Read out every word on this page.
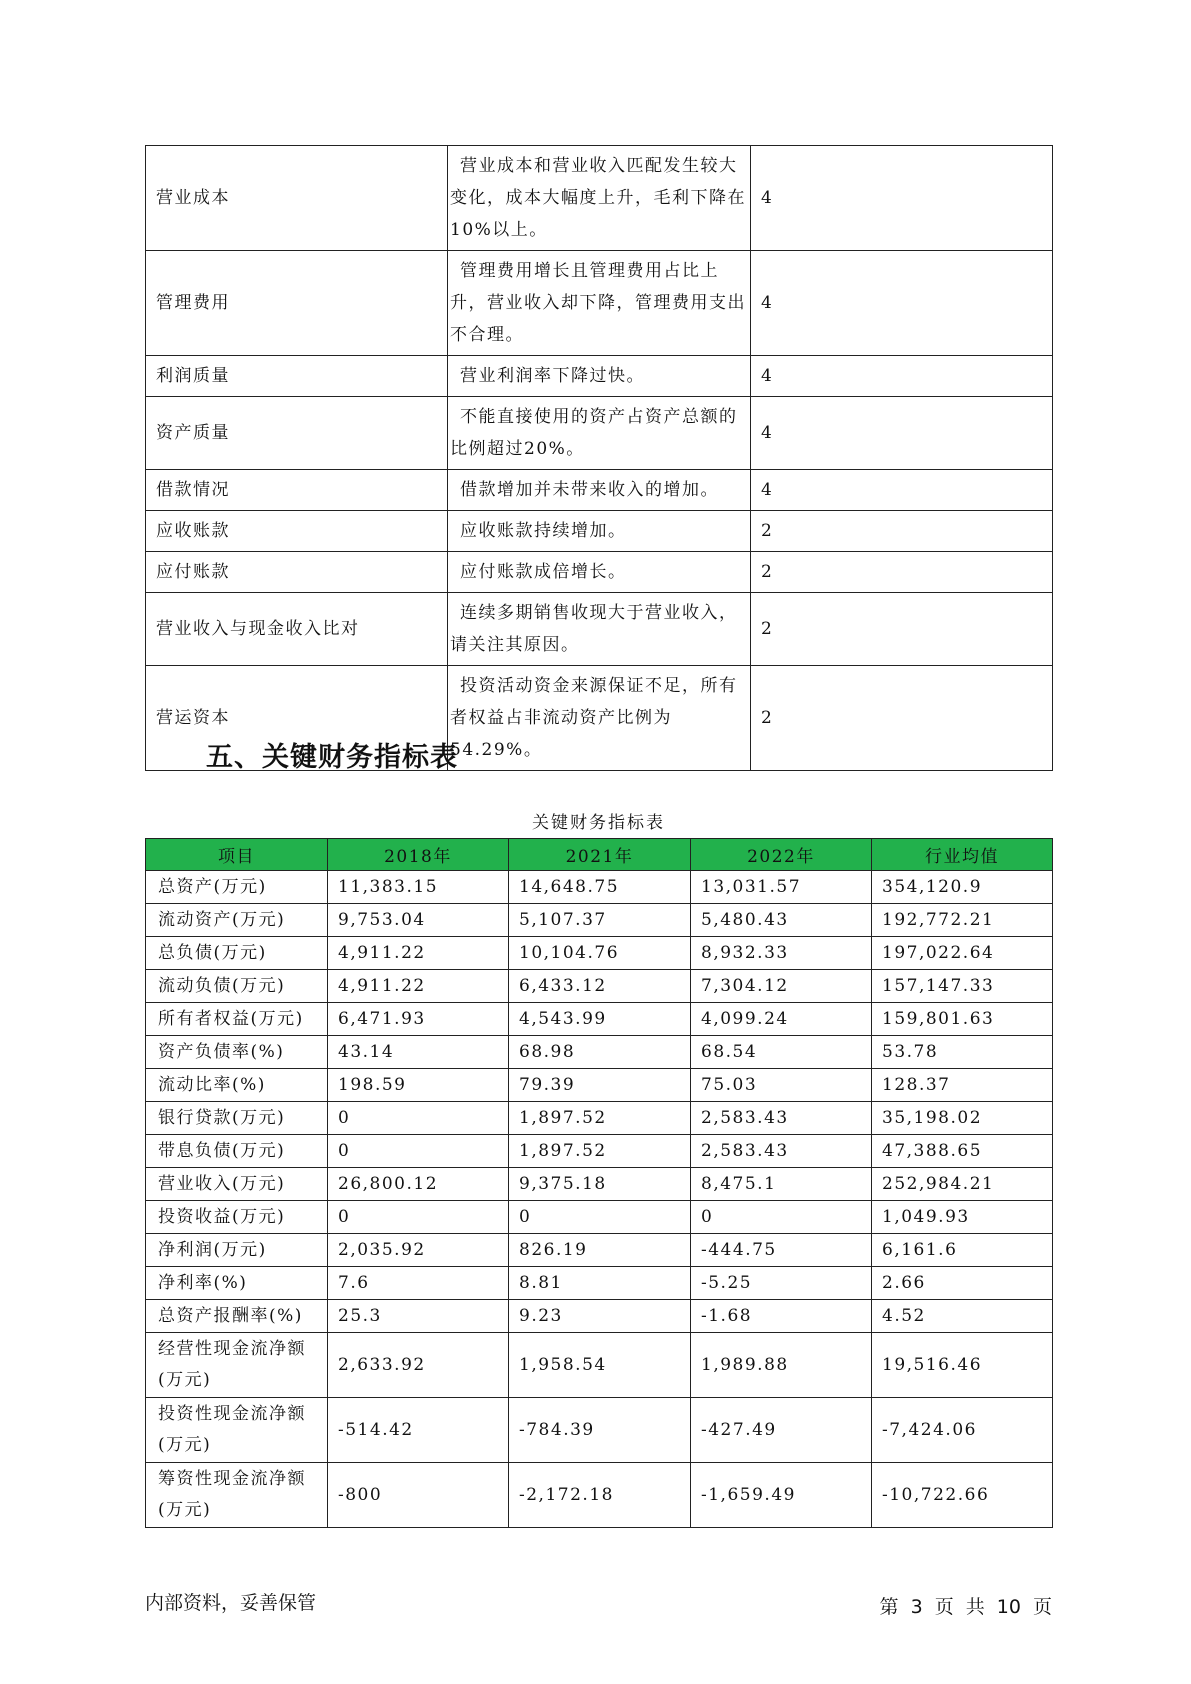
营业成本	营业成本和营业收入匹配发生较大变化，成本大幅度上升，毛利下降在10%以上。	4
管理费用	管理费用增长且管理费用占比上升，营业收入却下降，管理费用支出不合理。	4
利润质量	营业利润率下降过快。	4
资产质量	不能直接使用的资产占资产总额的比例超过20%。	4
借款情况	借款增加并未带来收入的增加。	4
应收账款	应收账款持续增加。	2
应付账款	应付账款成倍增长。	2
营业收入与现金收入比对	连续多期销售收现大于营业收入，请关注其原因。	2
营运资本	投资活动资金来源保证不足，所有者权益占非流动资产比例为54.29%。	2
五、关键财务指标表
关键财务指标表
项目	2018年	2021年	2022年	行业均值
总资产(万元)	11,383.15	14,648.75	13,031.57	354,120.9
流动资产(万元)	9,753.04	5,107.37	5,480.43	192,772.21
总负债(万元)	4,911.22	10,104.76	8,932.33	197,022.64
流动负债(万元)	4,911.22	6,433.12	7,304.12	157,147.33
所有者权益(万元)	6,471.93	4,543.99	4,099.24	159,801.63
资产负债率(%)	43.14	68.98	68.54	53.78
流动比率(%)	198.59	79.39	75.03	128.37
银行贷款(万元)	0	1,897.52	2,583.43	35,198.02
带息负债(万元)	0	1,897.52	2,583.43	47,388.65
营业收入(万元)	26,800.12	9,375.18	8,475.1	252,984.21
投资收益(万元)	0	0	0	1,049.93
净利润(万元)	2,035.92	826.19	-444.75	6,161.6
净利率(%)	7.6	8.81	-5.25	2.66
总资产报酬率(%)	25.3	9.23	-1.68	4.52
经营性现金流净额(万元)	2,633.92	1,958.54	1,989.88	19,516.46
投资性现金流净额(万元)	-514.42	-784.39	-427.49	-7,424.06
筹资性现金流净额(万元)	-800	-2,172.18	-1,659.49	-10,722.66
内部资料，妥善保管	第 3 页 共 10 页
